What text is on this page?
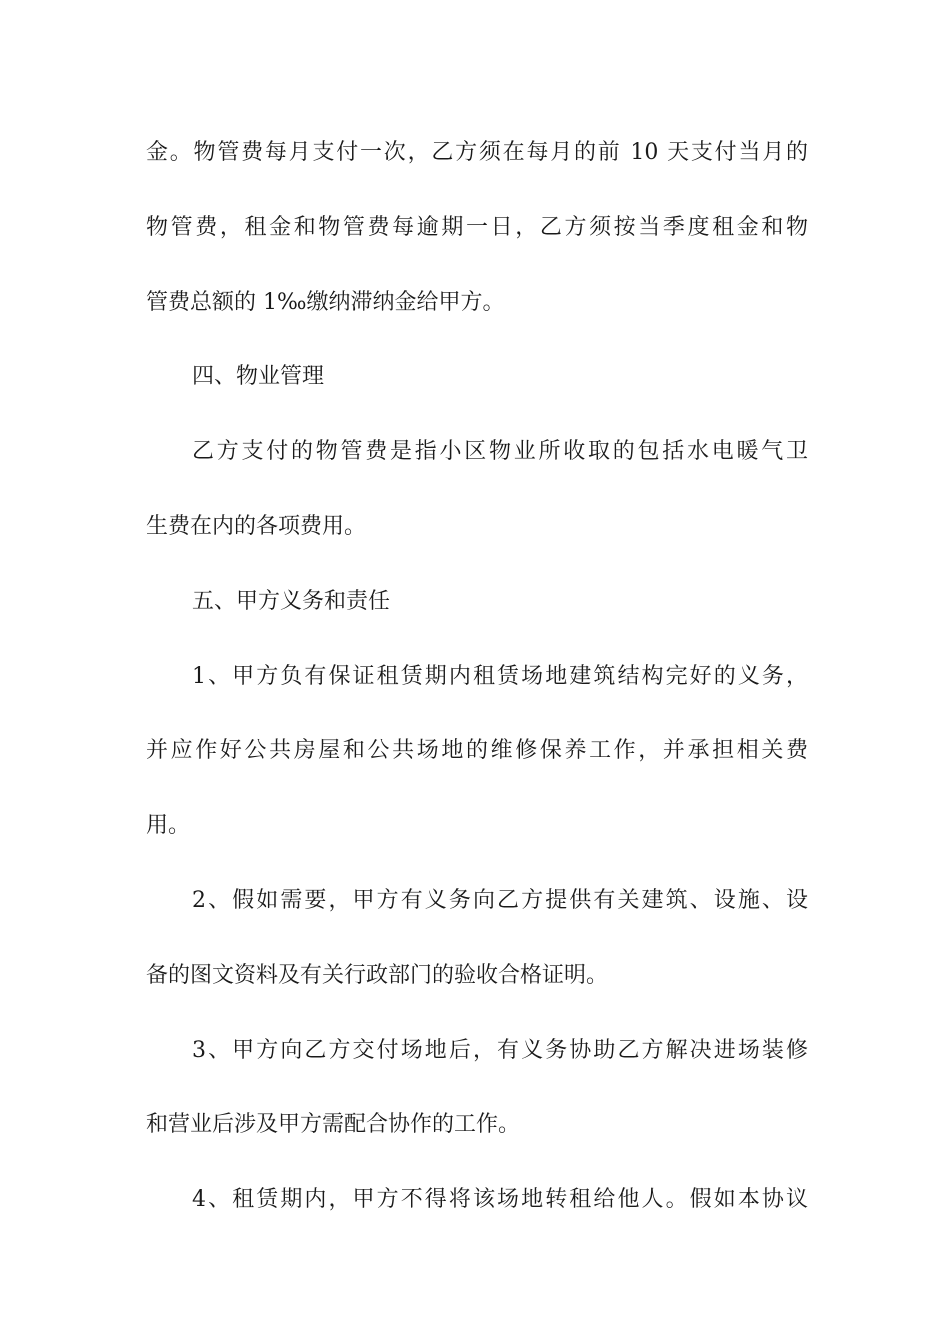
金。物管费每月支付一次，乙方须在每月的前 10 天支付当月的
物管费，租金和物管费每逾期一日，乙方须按当季度租金和物
管费总额的 1‰缴纳滞纳金给甲方。
四、物业管理
乙方支付的物管费是指小区物业所收取的包括水电暖气卫
生费在内的各项费用。
五、甲方义务和责任
1、甲方负有保证租赁期内租赁场地建筑结构完好的义务，
并应作好公共房屋和公共场地的维修保养工作，并承担相关费
用。
2、假如需要，甲方有义务向乙方提供有关建筑、设施、设
备的图文资料及有关行政部门的验收合格证明。
3、甲方向乙方交付场地后，有义务协助乙方解决进场装修
和营业后涉及甲方需配合协作的工作。
4、租赁期内，甲方不得将该场地转租给他人。假如本协议
